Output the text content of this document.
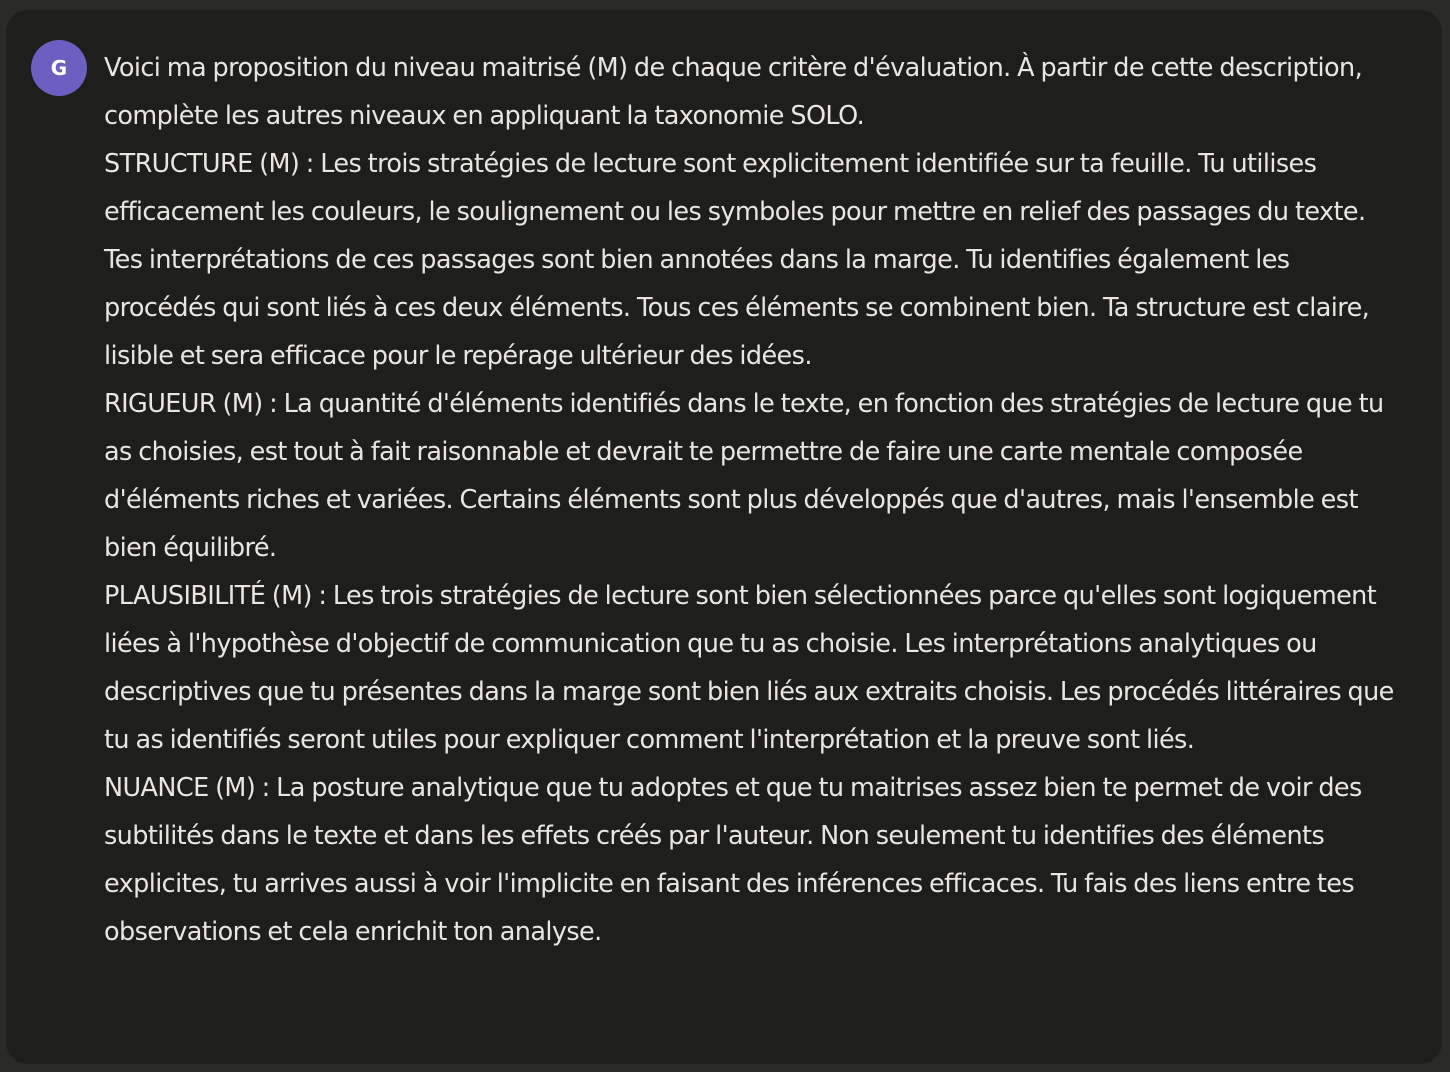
G	Voici ma proposition du niveau maitrisé (M) de chaque critère d'évaluation. À partir de cette description, complète les autres niveaux en appliquant la taxonomie SOLO.

STRUCTURE (M) : Les trois stratégies de lecture sont explicitement identifiée sur ta feuille. Tu utilises efficacement les couleurs, le soulignement ou les symboles pour mettre en relief des passages du texte. Tes interprétations de ces passages sont bien annotées dans la marge. Tu identifies également les procédés qui sont liés à ces deux éléments. Tous ces éléments se combinent bien. Ta structure est claire, lisible et sera efficace pour le repérage ultérieur des idées.

RIGUEUR (M) : La quantité d'éléments identifiés dans le texte, en fonction des stratégies de lecture que tu as choisies, est tout à fait raisonnable et devrait te permettre de faire une carte mentale composée d'éléments riches et variées. Certains éléments sont plus développés que d'autres, mais l'ensemble est bien équilibré.

PLAUSIBILITÉ (M) : Les trois stratégies de lecture sont bien sélectionnées parce qu'elles sont logiquement liées à l'hypothèse d'objectif de communication que tu as choisie. Les interprétations analytiques ou descriptives que tu présentes dans la marge sont bien liés aux extraits choisis. Les procédés littéraires que tu as identifiés seront utiles pour expliquer comment l'interprétation et la preuve sont liés.

NUANCE (M) : La posture analytique que tu adoptes et que tu maitrises assez bien te permet de voir des subtilités dans le texte et dans les effets créés par l'auteur. Non seulement tu identifies des éléments explicites, tu arrives aussi à voir l'implicite en faisant des inférences efficaces. Tu fais des liens entre tes observations et cela enrichit ton analyse.
